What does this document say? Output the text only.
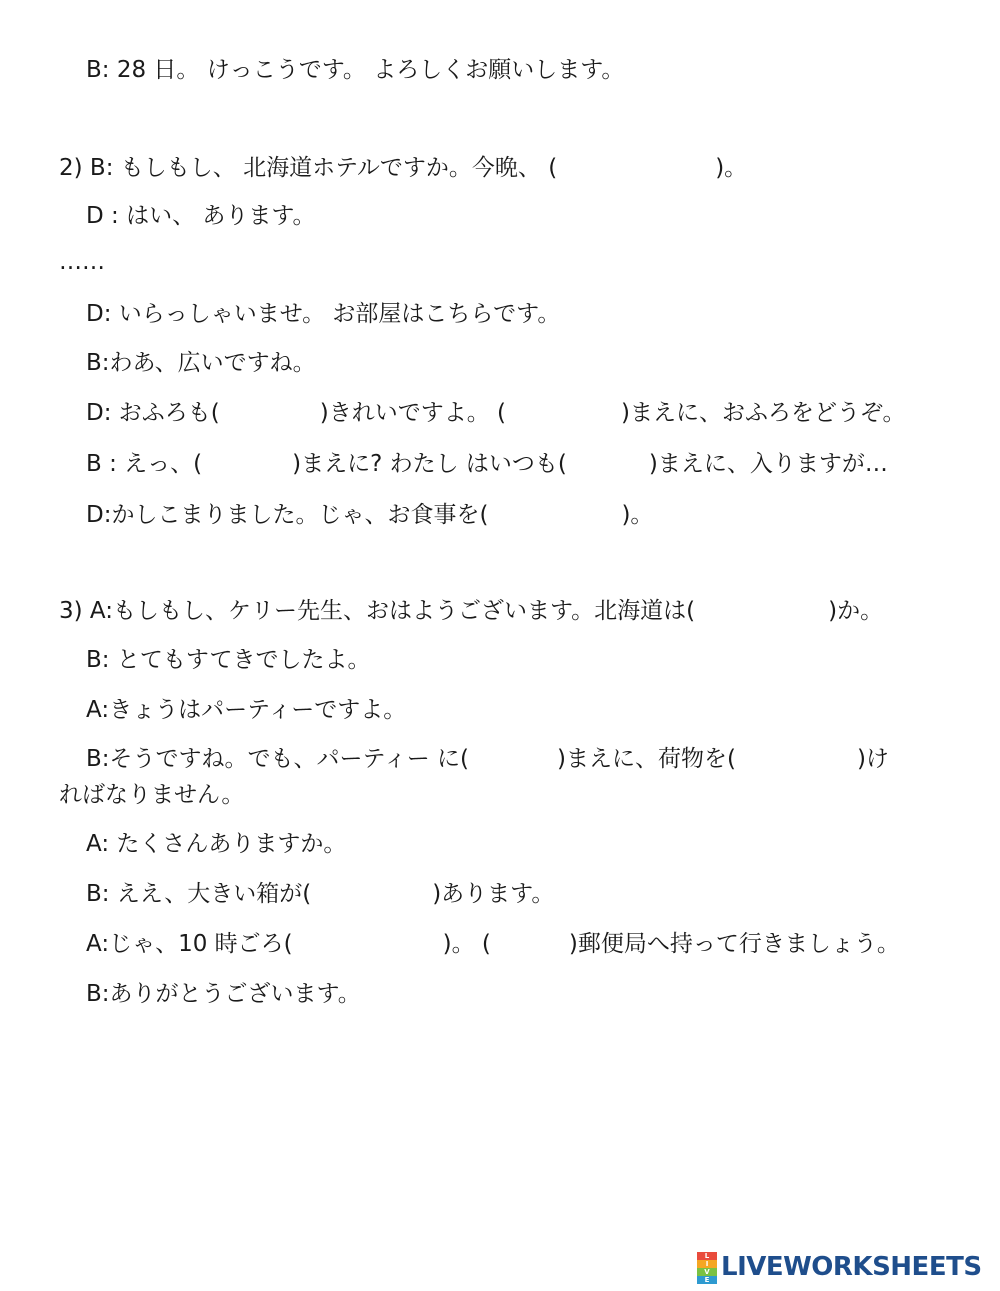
B: 28 日。 けっこうです。 よろしくお願いします。
2) B: もしもし、 北海道ホテルですか。今晩、 (	)。
D : はい、 あります。
……
D: いらっしゃいませ。 お部屋はこちらです。
B:わあ、広いですね。
D: おふろも(	)きれいですよ。 (	)まえに、おふろをどうぞ。
B : えっ、(	)まえに? わたし はいつも(	)まえに、入りますが…
D:かしこまりました。じゃ、お食事を(	)。
3) A:もしもし、ケリー先生、おはようございます。北海道は(	)か。
B: とてもすてきでしたよ。
A:きょうはパーティーですよ。
B:そうですね。でも、パーティー に(	)まえに、荷物を(	)け
ればなりません。
A: たくさんありますか。
B: ええ、大きい箱が(	)あります。
A:じゃ、10 時ごろ(	)。 (	)郵便局へ持って行きましょう。
B:ありがとうございます。
L
I
V
E LIVEWORKSHEETS
